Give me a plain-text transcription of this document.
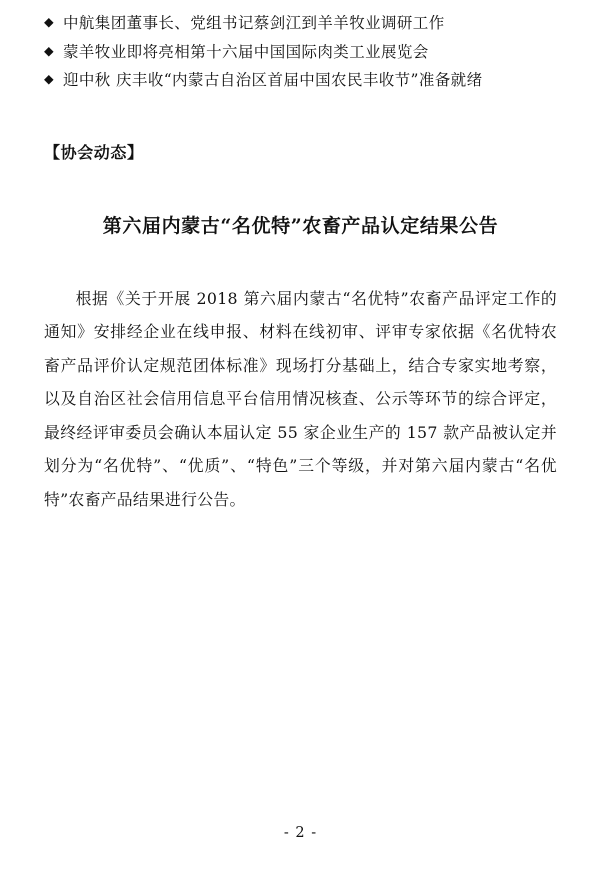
◆ 中航集团董事长、党组书记蔡剑江到羊羊牧业调研工作
◆ 蒙羊牧业即将亮相第十六届中国国际肉类工业展览会
◆ 迎中秋 庆丰收“内蒙古自治区首届中国农民丰收节”准备就绪
【协会动态】
第六届内蒙古“名优特”农畜产品认定结果公告

根据《关于开展 2018 第六届内蒙古“名优特”农畜产品评定工作的通知》安排经企业在线申报、材料在线初审、评审专家依据《名优特农畜产品评价认定规范团体标准》现场打分基础上，结合专家实地考察，以及自治区社会信用信息平台信用情况核查、公示等环节的综合评定，最终经评审委员会确认本届认定 55 家企业生产的 157 款产品被认定并划分为“名优特”、“优质”、“特色”三个等级，并对第六届内蒙古“名优特”农畜产品结果进行公告。

- 2 -
